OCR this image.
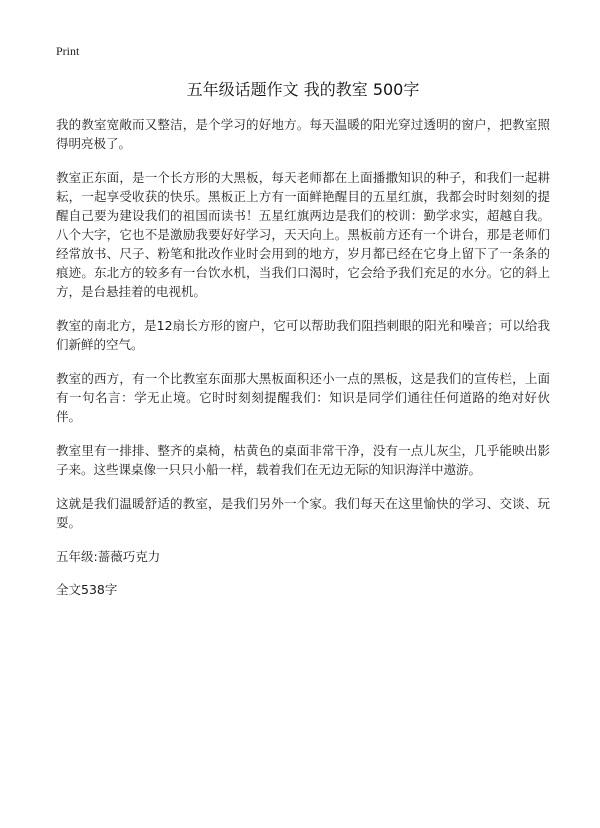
Print
五年级话题作文 我的教室 500字

我的教室宽敞而又整洁，是个学习的好地方。每天温暖的阳光穿过透明的窗户，把教室照得明亮极了。

教室正东面，是一个长方形的大黑板，每天老师都在上面播撒知识的种子，和我们一起耕耘，一起享受收获的快乐。黑板正上方有一面鲜艳醒目的五星红旗，我都会时时刻刻的提醒自己要为建设我们的祖国而读书！五星红旗两边是我们的校训：勤学求实，超越自我。八个大字，它也不是激励我要好好学习，天天向上。黑板前方还有一个讲台，那是老师们经常放书、尺子、粉笔和批改作业时会用到的地方，岁月都已经在它身上留下了一条条的痕迹。东北方的较多有一台饮水机，当我们口渴时，它会给予我们充足的水分。它的斜上方，是台悬挂着的电视机。

教室的南北方，是12扇长方形的窗户，它可以帮助我们阻挡刺眼的阳光和噪音；可以给我们新鲜的空气。

教室的西方，有一个比教室东面那大黑板面积还小一点的黑板，这是我们的宣传栏，上面有一句名言：学无止境。它时时刻刻提醒我们：知识是同学们通往任何道路的绝对好伙伴。

教室里有一排排、整齐的桌椅，枯黄色的桌面非常干净，没有一点儿灰尘，几乎能映出影子来。这些课桌像一只只小船一样，载着我们在无边无际的知识海洋中遨游。

这就是我们温暖舒适的教室，是我们另外一个家。我们每天在这里愉快的学习、交谈、玩耍。

五年级:蔷薇巧克力
全文538字
